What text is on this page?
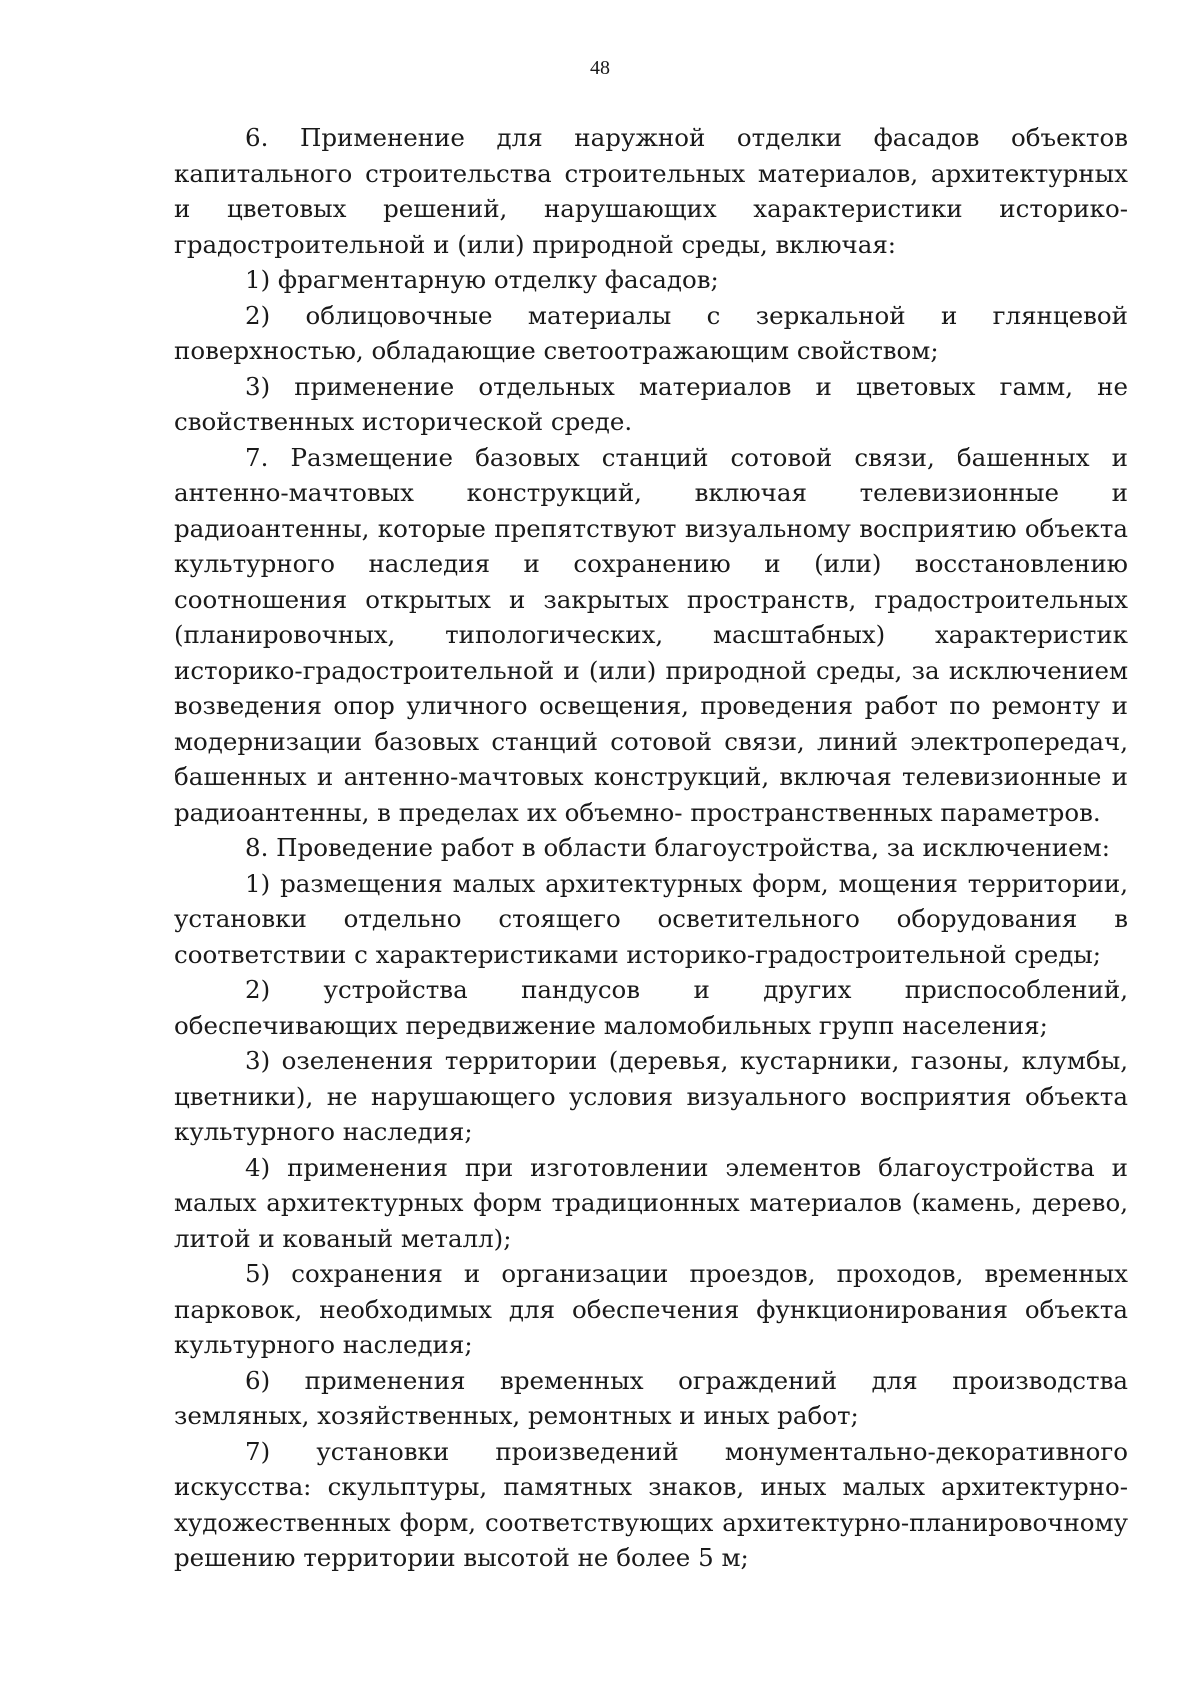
48

6. Применение для наружной отделки фасадов объектов капитального строительства строительных материалов, архитектурных и цветовых решений, нарушающих характеристики историко-градостроительной и (или) природной среды, включая:

1) фрагментарную отделку фасадов;

2) облицовочные материалы с зеркальной и глянцевой поверхностью, обладающие светоотражающим свойством;

3) применение отдельных материалов и цветовых гамм, не свойственных исторической среде.

7. Размещение базовых станций сотовой связи, башенных и антенно-мачтовых конструкций, включая телевизионные и радиоантенны, которые препятствуют визуальному восприятию объекта культурного наследия и сохранению и (или) восстановлению соотношения открытых и закрытых пространств, градостроительных (планировочных, типологических, масштабных) характеристик историко-градостроительной и (или) природной среды, за исключением возведения опор уличного освещения, проведения работ по ремонту и модернизации базовых станций сотовой связи, линий электропередач, башенных и антенно-мачтовых конструкций, включая телевизионные и радиоантенны, в пределах их объемно- пространственных параметров.

8. Проведение работ в области благоустройства, за исключением:

1) размещения малых архитектурных форм, мощения территории, установки отдельно стоящего осветительного оборудования в соответствии с характеристиками историко-градостроительной среды;

2) устройства пандусов и других приспособлений, обеспечивающих передвижение маломобильных групп населения;

3) озеленения территории (деревья, кустарники, газоны, клумбы, цветники), не нарушающего условия визуального восприятия объекта культурного наследия;

4) применения при изготовлении элементов благоустройства и малых архитектурных форм традиционных материалов (камень, дерево, литой и кованый металл);

5) сохранения и организации проездов, проходов, временных парковок, необходимых для обеспечения функционирования объекта культурного наследия;

6) применения временных ограждений для производства земляных, хозяйственных, ремонтных и иных работ;

7) установки произведений монументально-декоративного искусства: скульптуры, памятных знаков, иных малых архитектурно-художественных форм, соответствующих архитектурно-планировочному решению территории высотой не более 5 м;
